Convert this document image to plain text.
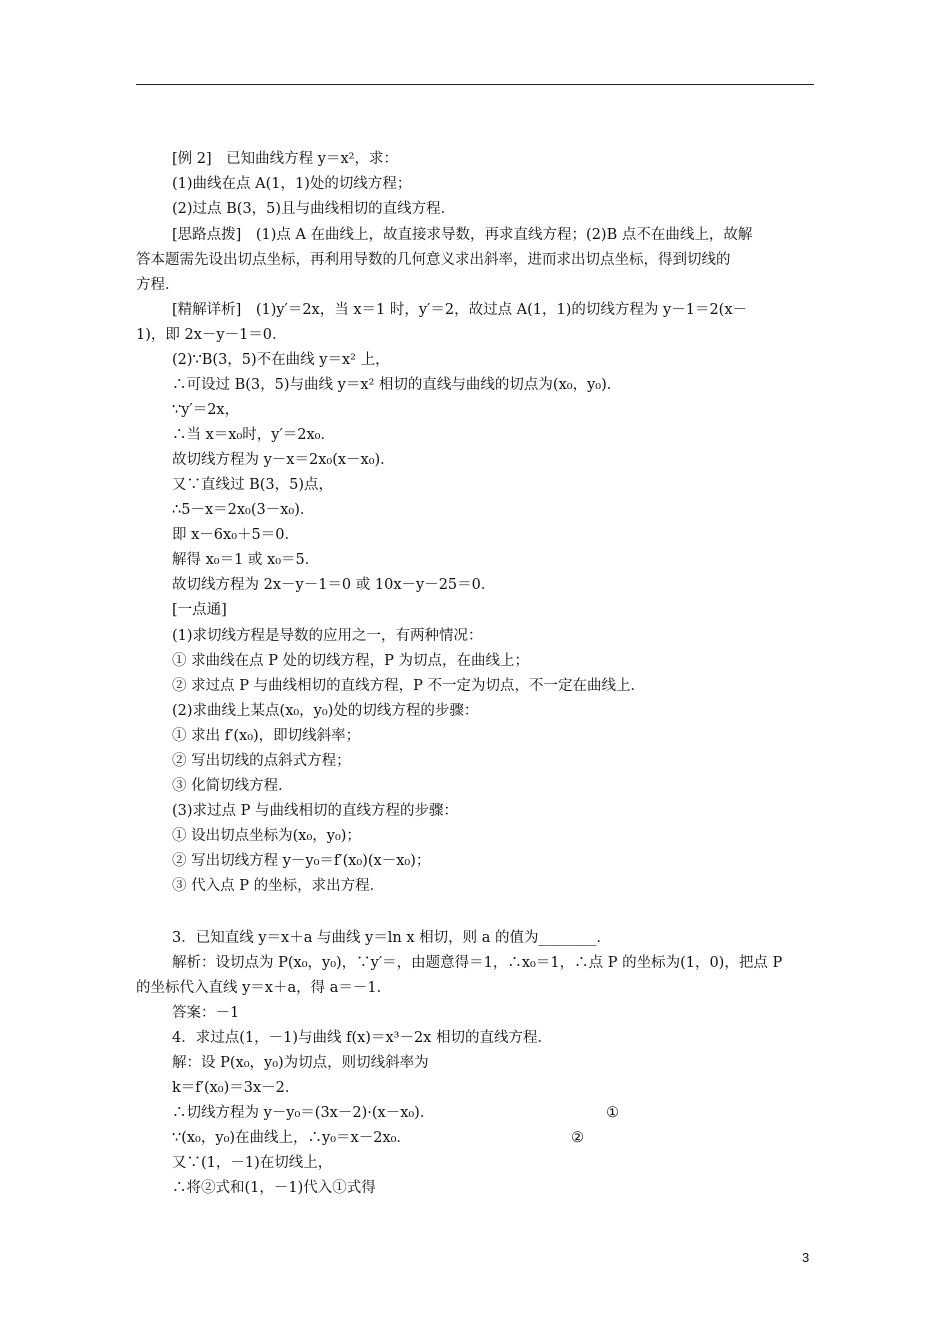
[例 2]　已知曲线方程 y＝x²，求：
(1)曲线在点 A(1，1)处的切线方程；
(2)过点 B(3，5)且与曲线相切的直线方程．
[思路点拨]　(1)点 A 在曲线上，故直接求导数，再求直线方程；(2)B 点不在曲线上，故解
答本题需先设出切点坐标，再利用导数的几何意义求出斜率，进而求出切点坐标，得到切线的
方程．
[精解详析]　(1)y′＝2x，当 x＝1 时，y′＝2，故过点 A(1，1)的切线方程为 y－1＝2(x－
1)，即 2x－y－1＝0．
(2)∵B(3，5)不在曲线 y＝x² 上，
∴可设过 B(3，5)与曲线 y＝x² 相切的直线与曲线的切点为(x₀，y₀)．
∵y′＝2x，
∴当 x＝x₀时，y′＝2x₀．
故切线方程为 y－x＝2x₀(x－x₀)．
又∵直线过 B(3，5)点，
∴5－x＝2x₀(3－x₀)．
即 x－6x₀＋5＝0．
解得 x₀＝1 或 x₀＝5．
故切线方程为 2x－y－1＝0 或 10x－y－25＝0．
[一点通]
(1)求切线方程是导数的应用之一，有两种情况：
① 求曲线在点 P 处的切线方程，P 为切点，在曲线上；
② 求过点 P 与曲线相切的直线方程，P 不一定为切点，不一定在曲线上．
(2)求曲线上某点(x₀，y₀)处的切线方程的步骤：
① 求出 f′(x₀)，即切线斜率；
② 写出切线的点斜式方程；
③ 化简切线方程．
(3)求过点 P 与曲线相切的直线方程的步骤：
① 设出切点坐标为(x₀，y₀)；
② 写出切线方程 y－y₀＝f′(x₀)(x－x₀)；
③ 代入点 P 的坐标，求出方程．
3．已知直线 y＝x＋a 与曲线 y＝ln x 相切，则 a 的值为________．
解析：设切点为 P(x₀，y₀)，∵y′＝，由题意得＝1，∴x₀＝1，∴点 P 的坐标为(1，0)，把点 P
的坐标代入直线 y＝x＋a，得 a＝－1．
答案：－1
4．求过点(1，－1)与曲线 f(x)＝x³－2x 相切的直线方程．
解：设 P(x₀，y₀)为切点，则切线斜率为
k＝f′(x₀)＝3x－2．
∴切线方程为 y－y₀＝(3x－2)·(x－x₀)．	①
∵(x₀，y₀)在曲线上，∴y₀＝x－2x₀．	②
又∵(1，－1)在切线上，
∴将②式和(1，－1)代入①式得
3
